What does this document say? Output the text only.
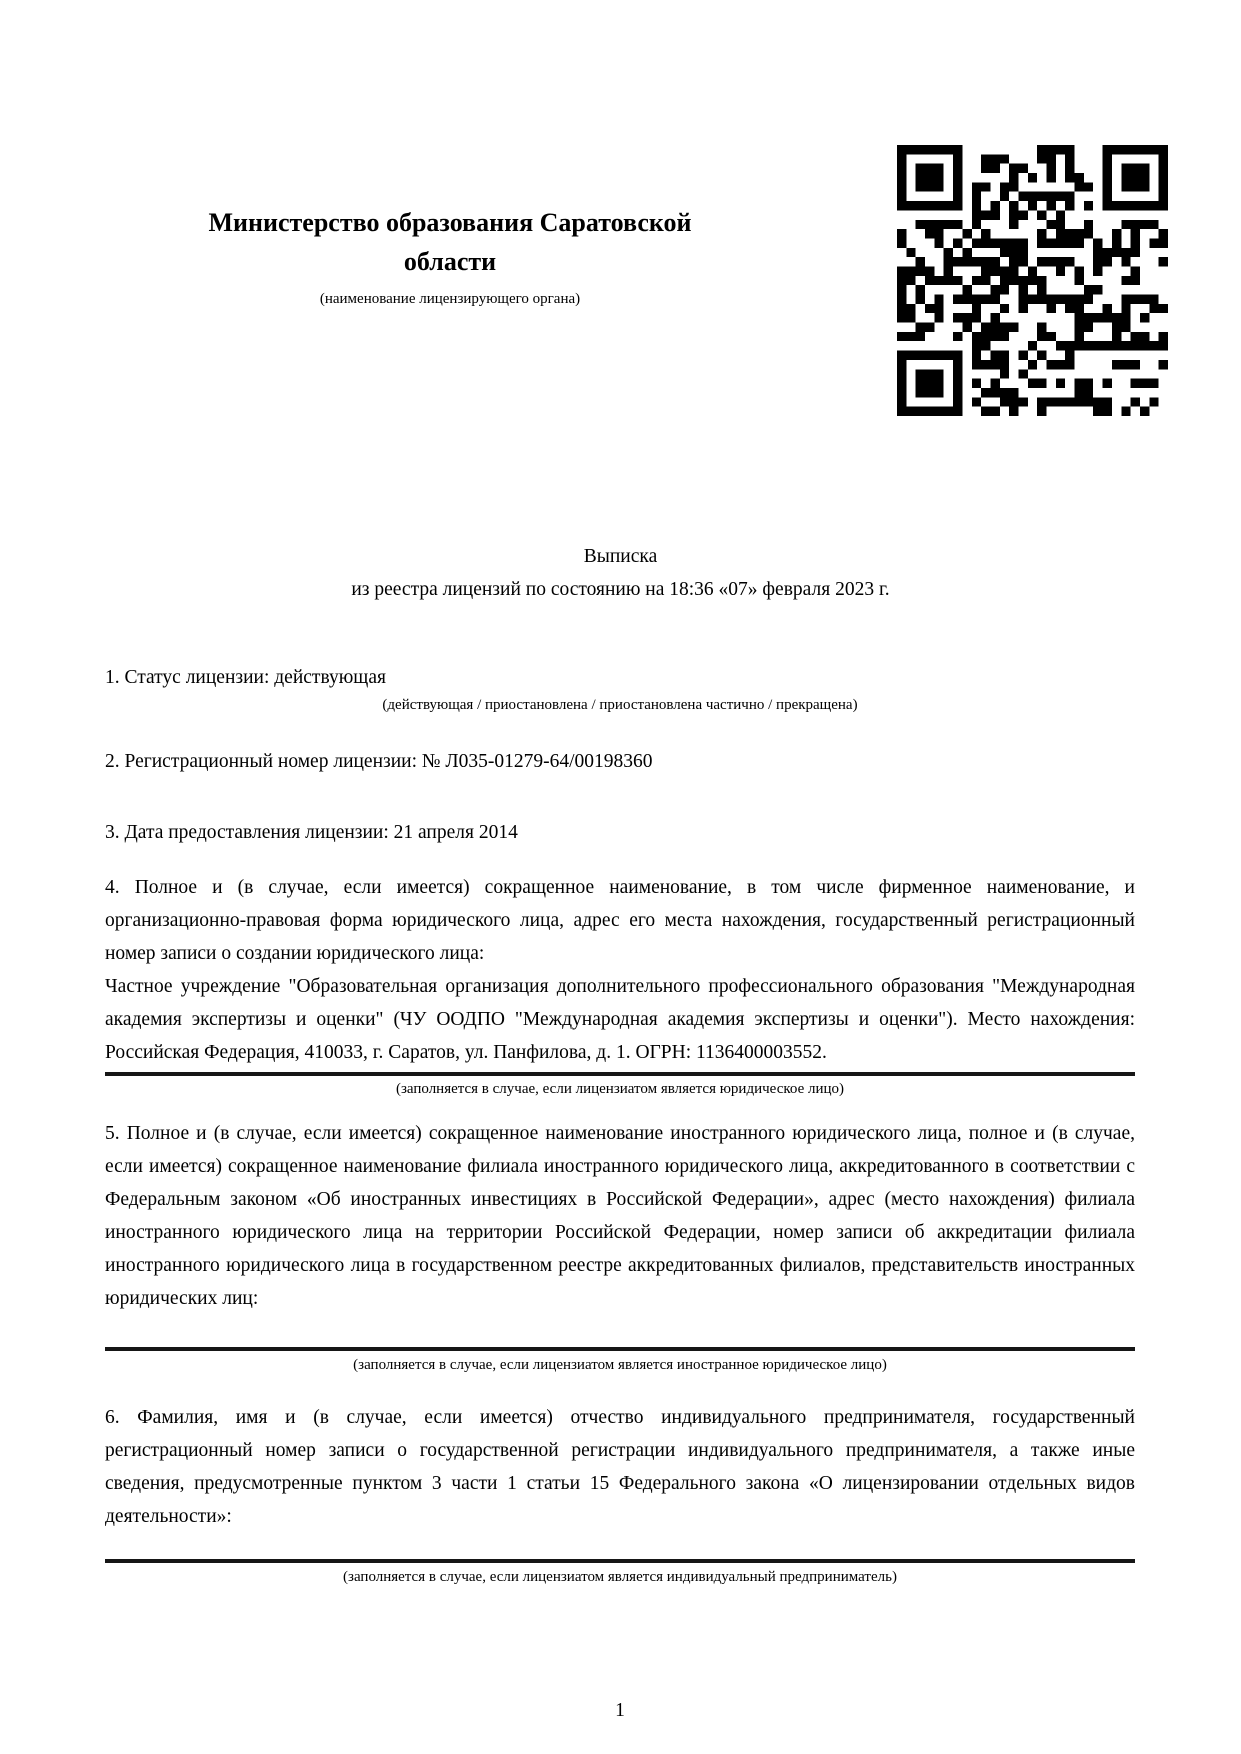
Министерство образования Саратовской области
(наименование лицензирующего органа)
Выписка
из реестра лицензий по состоянию на 18:36 «07» февраля 2023 г.

1. Статус лицензии: действующая

(действующая / приостановлена / приостановлена частично / прекращена)

2. Регистрационный номер лицензии: № Л035-01279-64/00198360

3. Дата предоставления лицензии: 21 апреля 2014

4. Полное и (в случае, если имеется) сокращенное наименование, в том числе фирменное наименование, и организационно-правовая форма юридического лица, адрес его места нахождения, государственный регистрационный номер записи о создании юридического лица:

Частное учреждение "Образовательная организация дополнительного профессионального образования "Международная академия экспертизы и оценки" (ЧУ ООДПО "Международная академия экспертизы и оценки"). Место нахождения: Российская Федерация, 410033, г. Саратов, ул. Панфилова, д. 1. ОГРН: 1136400003552.

(заполняется в случае, если лицензиатом является юридическое лицо)

5. Полное и (в случае, если имеется) сокращенное наименование иностранного юридического лица, полное и (в случае, если имеется) сокращенное наименование филиала иностранного юридического лица, аккредитованного в соответствии с Федеральным законом «Об иностранных инвестициях в Российской Федерации», адрес (место нахождения) филиала иностранного юридического лица на территории Российской Федерации, номер записи об аккредитации филиала иностранного юридического лица в государственном реестре аккредитованных филиалов, представительств иностранных юридических лиц:

(заполняется в случае, если лицензиатом является иностранное юридическое лицо)

6. Фамилия, имя и (в случае, если имеется) отчество индивидуального предпринимателя, государственный регистрационный номер записи о государственной регистрации индивидуального предпринимателя, а также иные сведения, предусмотренные пунктом 3 части 1 статьи 15 Федерального закона «О лицензировании отдельных видов деятельности»:

(заполняется в случае, если лицензиатом является индивидуальный предприниматель)
1
